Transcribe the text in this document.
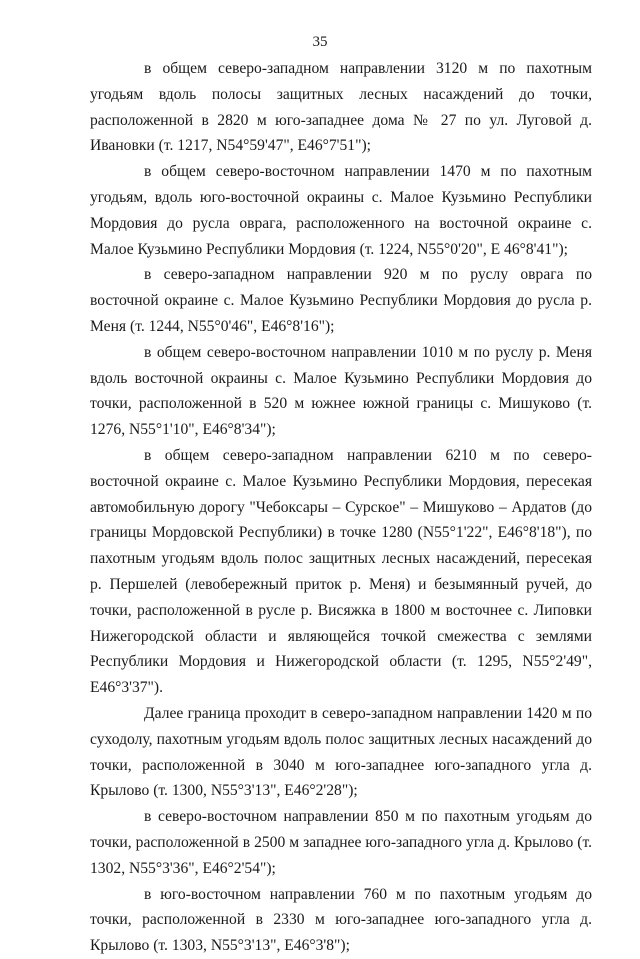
35

в общем северо-западном направлении 3120 м по пахотным угодьям вдоль полосы защитных лесных насаждений до точки, расположенной в 2820 м юго-западнее дома № 27 по ул. Луговой д. Ивановки (т. 1217, N54°59'47", E46°7'51");

в общем северо-восточном направлении 1470 м по пахотным угодьям, вдоль юго-восточной окраины с. Малое Кузьмино Республики Мордовия до русла оврага, расположенного на восточной окраине с. Малое Кузьмино Республики Мордовия (т. 1224, N55°0'20", E 46°8'41");

в северо-западном направлении 920 м по руслу оврага по восточной окраине с. Малое Кузьмино Республики Мордовия до русла р. Меня (т. 1244, N55°0'46", E46°8'16");

в общем северо-восточном направлении 1010 м по руслу р. Меня вдоль восточной окраины с. Малое Кузьмино Республики Мордовия до точки, расположенной в 520 м южнее южной границы с. Мишуково (т. 1276, N55°1'10", E46°8'34");

в общем северо-западном направлении 6210 м по северо-восточной окраине с. Малое Кузьмино Республики Мордовия, пересекая автомобильную дорогу "Чебоксары – Сурское" – Мишуково – Ардатов (до границы Мордовской Республики) в точке 1280 (N55°1'22", E46°8'18"), по пахотным угодьям вдоль полос защитных лесных насаждений, пересекая р. Першелей (левобережный приток р. Меня) и безымянный ручей, до точки, расположенной в русле р. Висяжка в 1800 м восточнее с. Липовки Нижегородской области и являющейся точкой смежества с землями Республики Мордовия и Нижегородской области (т. 1295, N55°2'49", E46°3'37").

Далее граница проходит в северо-западном направлении 1420 м по суходолу, пахотным угодьям вдоль полос защитных лесных насаждений до точки, расположенной в 3040 м юго-западнее юго-западного угла д. Крылово (т. 1300, N55°3'13", E46°2'28");

в северо-восточном направлении 850 м по пахотным угодьям до точки, расположенной в 2500 м западнее юго-западного угла д. Крылово (т. 1302, N55°3'36", E46°2'54");

в юго-восточном направлении 760 м по пахотным угодьям до точки, расположенной в 2330 м юго-западнее юго-западного угла д. Крылово (т. 1303, N55°3'13", E46°3'8");
